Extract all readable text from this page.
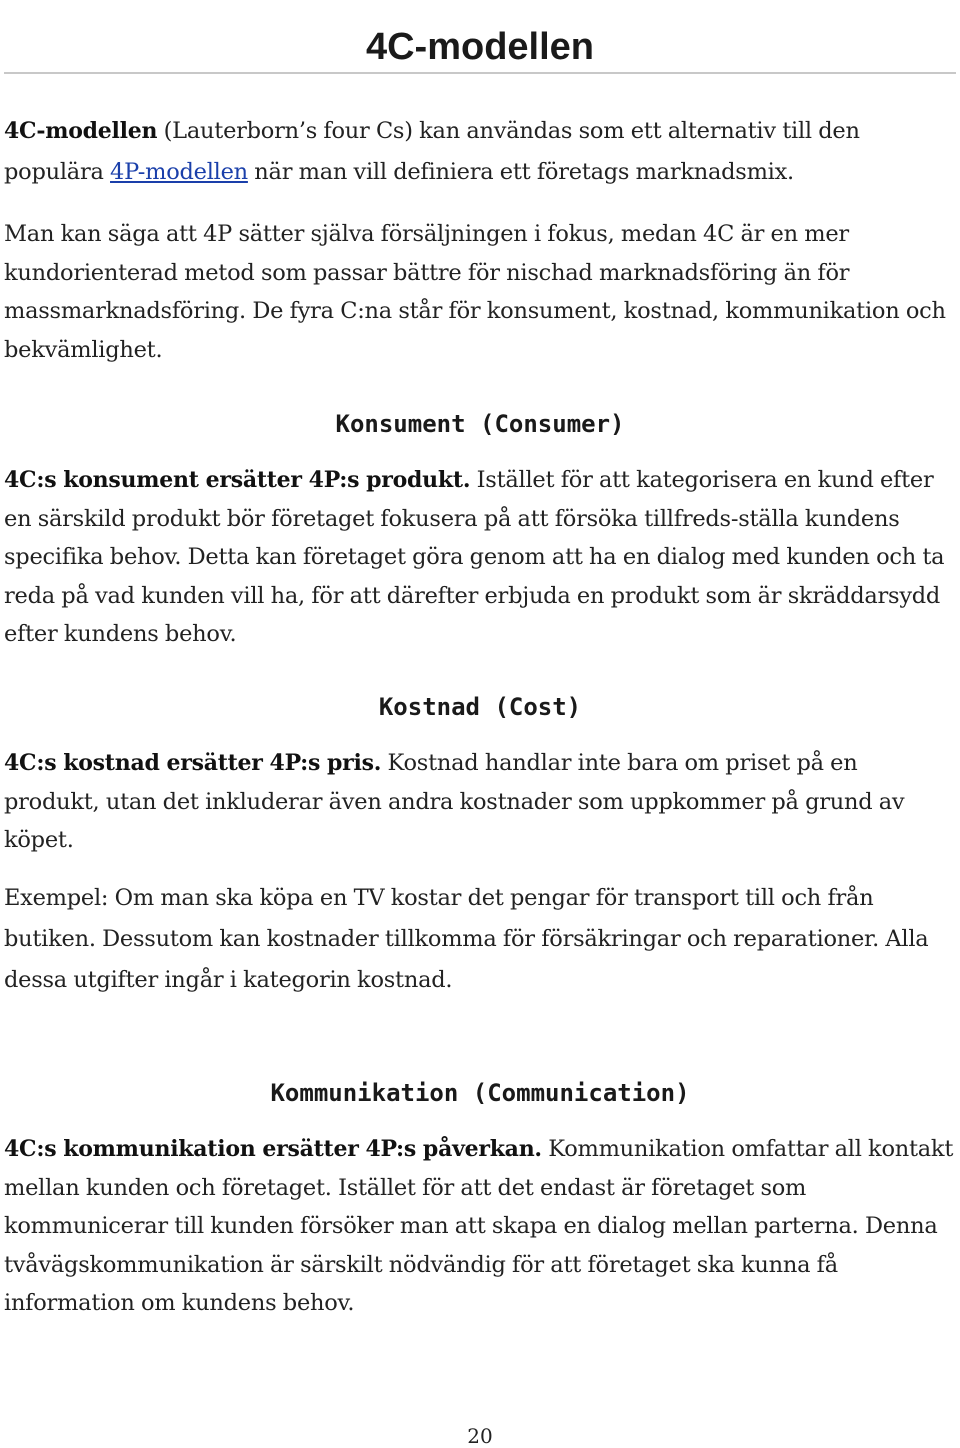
4C-modellen

4C-modellen (Lauterborn’s four Cs) kan användas som ett alternativ till den populära 4P-modellen när man vill definiera ett företags marknadsmix.

Man kan säga att 4P sätter själva försäljningen i fokus, medan 4C är en mer kundorienterad metod som passar bättre för nischad marknadsföring än för massmarknadsföring. De fyra C:na står för konsument, kostnad, kommunikation och bekvämlighet.

Konsument (Consumer)

4C:s konsument ersätter 4P:s produkt. Istället för att kategorisera en kund efter en särskild produkt bör företaget fokusera på att försöka tillfreds-ställa kundens specifika behov. Detta kan företaget göra genom att ha en dialog med kunden och ta reda på vad kunden vill ha, för att därefter erbjuda en produkt som är skräddarsydd efter kundens behov.

Kostnad (Cost)

4C:s kostnad ersätter 4P:s pris. Kostnad handlar inte bara om priset på en produkt, utan det inkluderar även andra kostnader som uppkommer på grund av köpet.

Exempel: Om man ska köpa en TV kostar det pengar för transport till och från butiken. Dessutom kan kostnader tillkomma för försäkringar och reparationer. Alla dessa utgifter ingår i kategorin kostnad.

Kommunikation (Communication)

4C:s kommunikation ersätter 4P:s påverkan. Kommunikation omfattar all kontakt mellan kunden och företaget. Istället för att det endast är företaget som kommunicerar till kunden försöker man att skapa en dialog mellan parterna. Denna tvåvägskommunikation är särskilt nödvändig för att företaget ska kunna få information om kundens behov.

20
